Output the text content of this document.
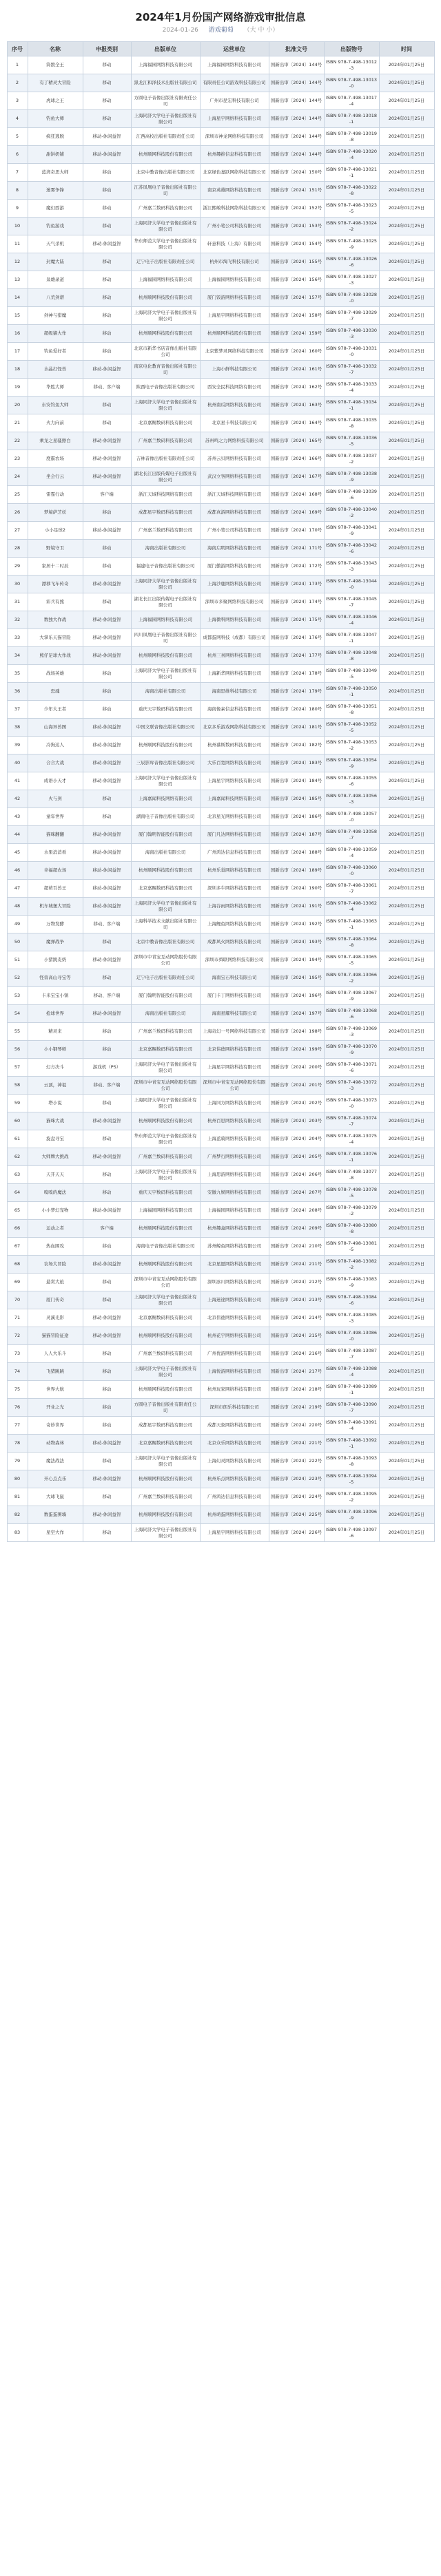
2024年1月份国产网络游戏审批信息
2024-01-26 游戏葡萄 （大 中 小）
序号	名称	申报类别	出版单位	运营单位	批准文号	出版物号	时间
1	筒骰全王	移动	上海福园网络科技有限公司	上海福园网络科技有限公司	国新出审〔2024〕144号	ISBN 978-7-498-13012-3	2024年01月25日
2	有了精灵大冒险	移动	黑龙江和泽技术出版社有限公司	有限责任公司游戏科技有限公司	国新出审〔2024〕144号	ISBN 978-7-498-13013-0	2024年01月25日
3	虎球之王	移动	方圆电子音像出版社有限责任公司	广州市昆宏科技有限公司	国新出审〔2024〕144号	ISBN 978-7-498-13017-4	2024年01月25日
4	钓鱼大师	移动	上海同济大学电子音像出版社有限公司	上海星宇网络科技有限公司	国新出审〔2024〕144号	ISBN 978-7-498-13018-1	2024年01月25日
5	疯狂逃脱	移动-休闲益智	江西高校出版社有限责任公司	深圳市神龙网络科技有限公司	国新出审〔2024〕144号	ISBN 978-7-498-13019-8	2024年01月25日
6	甜饼奶铺	移动-休闲益智	杭州顺网科技股份有限公司	杭州趣推信息科技有限公司	国新出审〔2024〕144号	ISBN 978-7-498-13020-4	2024年01月25日
7	蓝湾奇思大师	移动	北京中教音像出版社有限公司	北京绿色嘉跃网络科技有限公司	国新出审〔2024〕150号	ISBN 978-7-498-13021-1	2024年01月25日
8	迷雾争锋	移动	江苏凤凰电子音像出版社有限公司	南京英雄网络科技有限公司	国新出审〔2024〕151号	ISBN 978-7-498-13022-8	2024年01月25日
9	魔幻西游	移动	广州嘉兰数码科技有限公司	浙江熙峻科技网络科技有限公司	国新出审〔2024〕152号	ISBN 978-7-498-13023-5	2024年01月25日
10	钓鱼游戏	移动	上海同济大学电子音像出版社有限公司	广州小笔公司科技有限公司	国新出审〔2024〕153号	ISBN 978-7-498-13024-2	2024年01月25日
11	天气杀机	移动-休闲益智	华东师范大学电子音像出版社有限公司	轩意科技（上海）有限公司	国新出审〔2024〕154号	ISBN 978-7-498-13025-9	2024年01月25日
12	封魔大陆	移动	辽宁电子出版社有限责任公司	杭州市淘飞科技有限公司	国新出审〔2024〕155号	ISBN 978-7-498-13026-6	2024年01月25日
13	枭雄录道	移动	上海福园网络科技有限公司	上海福园网络科技有限公司	国新出审〔2024〕156号	ISBN 978-7-498-13027-3	2024年01月25日
14	八荒剑谱	移动	杭州顺网科技股份有限公司	厦门饭游网络科技有限公司	国新出审〔2024〕157号	ISBN 978-7-498-13028-0	2024年01月25日
15	剑神与猎魔	移动	上海同济大学电子音像出版社有限公司	上海星宇网络科技有限公司	国新出审〔2024〕158号	ISBN 978-7-498-13029-7	2024年01月25日
16	超级猫大作	移动	杭州顺网科技股份有限公司	杭州顺网科技股份有限公司	国新出审〔2024〕159号	ISBN 978-7-498-13030-3	2024年01月25日
17	钓鱼爱好者	移动	北京市新华书店音像出版社有限公司	北京紫梦灵网络科技有限公司	国新出审〔2024〕160号	ISBN 978-7-498-13031-0	2024年01月25日
18	水晶打怪兽	移动-休闲益智	南京电化教育音像出版社有限公司	上海小鲜科技有限公司	国新出审〔2024〕161号	ISBN 978-7-498-13032-7	2024年01月25日
19	华胜大师	移动、客户端	陕西电子音像出版社有限公司	西安全民科技网络有限公司	国新出审〔2024〕162号	ISBN 978-7-498-13033-4	2024年01月25日
20	东安钓鱼大师	移动	上海同济大学电子音像出版社有限公司	杭州南瓜网络科技有限公司	国新出审〔2024〕163号	ISBN 978-7-498-13034-1	2024年01月25日
21	火力向前	移动	北京嘉赐数码科技有限公司	北京星卡科技有限公司	国新出审〔2024〕164号	ISBN 978-7-498-13035-8	2024年01月25日
22	乘龙之星骚擦白	移动-休闲益智	广州嘉兰数码科技有限公司	苏州鸣之力网络科技有限公司	国新出审〔2024〕165号	ISBN 978-7-498-13036-5	2024年01月25日
23	度霸农场	移动-休闲益智	吉林音像出版社有限责任公司	苏州云贝网络科技有限公司	国新出审〔2024〕166号	ISBN 978-7-498-13037-2	2024年01月25日
24	坐会行云	移动-休闲益智	湖北长江出版传媒电子出版社有限公司	武汉立客网络科技有限公司	国新出审〔2024〕167号	ISBN 978-7-498-13038-9	2024年01月25日
25	雷霆行动	客户端	浙江天域科技网络有限公司	浙江天域科技网络有限公司	国新出审〔2024〕168号	ISBN 978-7-498-13039-6	2024年01月25日
26	梦境萨芝妖	移动	成都星宇数码科技有限公司	成都真游网络科技有限公司	国新出审〔2024〕169号	ISBN 978-7-498-13040-2	2024年01月25日
27	小小足球2	移动-休闲益智	广州嘉兰数码科技有限公司	广州小笔公司科技有限公司	国新出审〔2024〕170号	ISBN 978-7-498-13041-9	2024年01月25日
28	野境守卫	移动	海南出版社有限公司	海南启明网络科技有限公司	国新出审〔2024〕171号	ISBN 978-7-498-13042-6	2024年01月25日
29	家居十二时辰	移动	福建电子音像出版社有限公司	厦门傲游网络科技有限公司	国新出审〔2024〕172号	ISBN 978-7-498-13043-3	2024年01月25日
30	漂移飞车传奇	移动-休闲益智	上海同济大学电子音像出版社有限公司	上海沙鹿网络科技有限公司	国新出审〔2024〕173号	ISBN 978-7-498-13044-0	2024年01月25日
31	彩兵有熊	移动	湖北长江出版传媒电子出版社有限公司	深圳市多聚网络科技有限公司	国新出审〔2024〕174号	ISBN 978-7-498-13045-7	2024年01月25日
32	数独大作战	移动-休闲益智	上海福园网络科技有限公司	上海微科网络科技有限公司	国新出审〔2024〕175号	ISBN 978-7-498-13046-4	2024年01月25日
33	大掌乐天猫冒险	移动-休闲益智	四川凤凰电子音像出版社有限公司	成都蛋网科技（成都）有限公司	国新出审〔2024〕176号	ISBN 978-7-498-13047-1	2024年01月25日
34	熊仔足球大作战	移动-休闲益智	杭州顺网科技股份有限公司	杭州三喜网络科技有限公司	国新出审〔2024〕177号	ISBN 978-7-498-13048-8	2024年01月25日
35	战场英雄	移动	上海同济大学电子音像出版社有限公司	上海新华网络科技有限公司	国新出审〔2024〕178号	ISBN 978-7-498-13049-5	2024年01月25日
36	恐魂	移动	海南出版社有限公司	海南思维科技有限公司	国新出审〔2024〕179号	ISBN 978-7-498-13050-1	2024年01月25日
37	少年大王者	移动	重庆天宇数码科技有限公司	海南像素信息科技有限公司	国新出审〔2024〕180号	ISBN 978-7-498-13051-8	2024年01月25日
38	山海异兽图	移动-休闲益智	中国文联音像出版社有限公司	北京多乐游戏网络科技有限公司	国新出审〔2024〕181号	ISBN 978-7-498-13052-5	2024年01月25日
39	冷狗达人	移动-休闲益智	杭州顺网科技股份有限公司	杭州慕斯数码科技有限公司	国新出审〔2024〕182号	ISBN 978-7-498-13053-2	2024年01月25日
40	合合大战	移动-休闲益智	三辰影库音像出版社有限公司	大乐百宽网络科技有限公司	国新出审〔2024〕183号	ISBN 978-7-498-13054-9	2024年01月25日
41	成语小天才	移动-休闲益智	上海同济大学电子音像出版社有限公司	上海星宇网络科技有限公司	国新出审〔2024〕184号	ISBN 978-7-498-13055-6	2024年01月25日
42	火与剑	移动	上海嘉闻科技网络有限公司	上海嘉闻科技网络有限公司	国新出审〔2024〕185号	ISBN 978-7-498-13056-3	2024年01月25日
43	童年世界	移动	湖南电子音像出版社有限公司	北京星光网络科技有限公司	国新出审〔2024〕186号	ISBN 978-7-498-13057-0	2024年01月25日
44	猫咪翻翻	移动-休闲益智	厦门翰明智能股份有限公司	厦门凡达网络科技有限公司	国新出审〔2024〕187号	ISBN 978-7-498-13058-7	2024年01月25日
45	水果消消看	移动-休闲益智	海南出版社有限公司	广州鸿达信息科技有限公司	国新出审〔2024〕188号	ISBN 978-7-498-13059-4	2024年01月25日
46	幸福超农场	移动-休闲益智	杭州顺网科技股份有限公司	杭州乐巢网络科技有限公司	国新出审〔2024〕189号	ISBN 978-7-498-13060-0	2024年01月25日
47	超萌百兽王	移动-休闲益智	北京嘉赐数码科技有限公司	深圳多牛网络科技有限公司	国新出审〔2024〕190号	ISBN 978-7-498-13061-7	2024年01月25日
48	机车城堡大冒险	移动-休闲益智	上海同济大学电子音像出版社有限公司	上海谷雨网络科技有限公司	国新出审〔2024〕191号	ISBN 978-7-498-13062-4	2024年01月25日
49	万物发酵	移动、客户端	上海科学技术文献出版社有限公司	上海鲤鱼网络科技有限公司	国新出审〔2024〕192号	ISBN 978-7-498-13063-1	2024年01月25日
50	魔弹战争	移动	北京中教音像出版社有限公司	成都风火网络科技有限公司	国新出审〔2024〕193号	ISBN 978-7-498-13064-8	2024年01月25日
51	小猪跳麦奶	移动-休闲益智	深圳市中青宝互动网络股份有限公司	深圳市舜联网络科技有限公司	国新出审〔2024〕194号	ISBN 978-7-498-13065-5	2024年01月25日
52	怪兽高山寻宝等	移动	辽宁电子出版社有限责任公司	海南宝石科技有限公司	国新出审〔2024〕195号	ISBN 978-7-498-13066-2	2024年01月25日
53	卡米宝宝小镇	移动、客户端	厦门翰明智能股份有限公司	厦门卡丁网络科技有限公司	国新出审〔2024〕196号	ISBN 978-7-498-13067-9	2024年01月25日
54	抢球世界	移动-休闲益智	海南出版社有限公司	海南星耀科技有限公司	国新出审〔2024〕197号	ISBN 978-7-498-13068-6	2024年01月25日
55	精灵来	移动	广州嘉兰数码科技有限公司	上海奇幻一号网络科技有限公司	国新出审〔2024〕198号	ISBN 978-7-498-13069-3	2024年01月25日
56	小小钢琴师	移动	北京嘉赐数码科技有限公司	北京伟德网络科技有限公司	国新出审〔2024〕199号	ISBN 978-7-498-13070-9	2024年01月25日
57	幻方决斗	游戏机（PS）	上海同济大学电子音像出版社有限公司	上海星宇网络科技有限公司	国新出审〔2024〕200号	ISBN 978-7-498-13071-6	2024年01月25日
58	云顶，神祖	移动、客户端	深圳市中青宝互动网络股份有限公司	深圳市中青宝互动网络股份有限公司	国新出审〔2024〕201号	ISBN 978-7-498-13072-3	2024年01月25日
59	塔小说	移动	上海同济大学电子音像出版社有限公司	上海同方网络科技有限公司	国新出审〔2024〕202号	ISBN 978-7-498-13073-0	2024年01月25日
60	猫咪大战	移动-休闲益智	杭州顺网科技股份有限公司	杭州百思网络科技有限公司	国新出审〔2024〕203号	ISBN 978-7-498-13074-7	2024年01月25日
61	旋盘寻宝	移动	华东师范大学电子音像出版社有限公司	上海蓝骑网络科技有限公司	国新出审〔2024〕204号	ISBN 978-7-498-13075-4	2024年01月25日
62	大师牌大挑战	移动-休闲益智	广州嘉兰数码科技有限公司	广州梦行网络科技有限公司	国新出审〔2024〕205号	ISBN 978-7-498-13076-1	2024年01月25日
63	天开天天	移动	上海同济大学电子音像出版社有限公司	上海思游网络科技有限公司	国新出审〔2024〕206号	ISBN 978-7-498-13077-8	2024年01月25日
64	嗅嗅的魔法	移动	重庆天宇数码科技有限公司	安徽九娱网络科技有限公司	国新出审〔2024〕207号	ISBN 978-7-498-13078-5	2024年01月25日
65	小小梦幻宠物	移动-休闲益智	上海福园网络科技有限公司	上海福园网络科技有限公司	国新出审〔2024〕208号	ISBN 978-7-498-13079-2	2024年01月25日
66	运动之者	客户端	杭州顺网科技股份有限公司	杭州趣盒网络科技有限公司	国新出审〔2024〕209号	ISBN 978-7-498-13080-8	2024年01月25日
67	热血围攻	移动	海南电子音像出版社有限公司	苏州鲸鱼网络科技有限公司	国新出审〔2024〕210号	ISBN 978-7-498-13081-5	2024年01月25日
68	农场大冒险	移动-休闲益智	杭州顺网科技股份有限公司	北京星愿网络科技有限公司	国新出审〔2024〕211号	ISBN 978-7-498-13082-2	2024年01月25日
69	悬赏大旅	移动	深圳市中青宝互动网络股份有限公司	深圳冰川网络科技有限公司	国新出审〔2024〕212号	ISBN 978-7-498-13083-9	2024年01月25日
70	厦门传奇	移动	上海同济大学电子音像出版社有限公司	上海迷途网络科技有限公司	国新出审〔2024〕213号	ISBN 978-7-498-13084-6	2024年01月25日
71	灵溪光影	移动-休闲益智	北京嘉赐数码科技有限公司	北京伟德网络科技有限公司	国新出审〔2024〕214号	ISBN 978-7-498-13085-3	2024年01月25日
72	猫猫冒险征途	移动-休闲益智	杭州顺网科技股份有限公司	杭州花宇网络科技有限公司	国新出审〔2024〕215号	ISBN 978-7-498-13086-0	2024年01月25日
73	人人大乐斗	移动	广州嘉兰数码科技有限公司	广州优游网络科技有限公司	国新出审〔2024〕216号	ISBN 978-7-498-13087-7	2024年01月25日
74	飞猪跳跳	移动	上海同济大学电子音像出版社有限公司	上海悦游网络科技有限公司	国新出审〔2024〕217号	ISBN 978-7-498-13088-4	2024年01月25日
75	世界大航	移动	杭州顺网科技股份有限公司	杭州玩家网络科技有限公司	国新出审〔2024〕218号	ISBN 978-7-498-13089-1	2024年01月25日
76	开业之光	移动	方圆电子音像出版社有限责任公司	深圳市朗乐科技有限公司	国新出审〔2024〕219号	ISBN 978-7-498-13090-7	2024年01月25日
77	奇妙世界	移动	成都星宇数码科技有限公司	成都天象网络科技有限公司	国新出审〔2024〕220号	ISBN 978-7-498-13091-4	2024年01月25日
78	动物森林	移动-休闲益智	北京嘉赐数码科技有限公司	北京众乐网络科技有限公司	国新出审〔2024〕221号	ISBN 978-7-498-13092-1	2024年01月25日
79	魔法战法	移动	上海同济大学电子音像出版社有限公司	上海幻灵网络科技有限公司	国新出审〔2024〕222号	ISBN 978-7-498-13093-8	2024年01月25日
80	开心点点乐	移动-休闲益智	杭州顺网科技股份有限公司	杭州乐点网络科技有限公司	国新出审〔2024〕223号	ISBN 978-7-498-13094-5	2024年01月25日
81	大球飞鼠	移动	广州嘉兰数码科技有限公司	广州鸿达信息科技有限公司	国新出审〔2024〕224号	ISBN 978-7-498-13095-2	2024年01月25日
82	数蛋蛋围墙	移动-休闲益智	杭州顺网科技股份有限公司	杭州萌蛋网络科技有限公司	国新出审〔2024〕225号	ISBN 978-7-498-13096-9	2024年01月25日
83	星空大作	移动	上海同济大学电子音像出版社有限公司	上海星宇网络科技有限公司	国新出审〔2024〕226号	ISBN 978-7-498-13097-6	2024年01月25日
